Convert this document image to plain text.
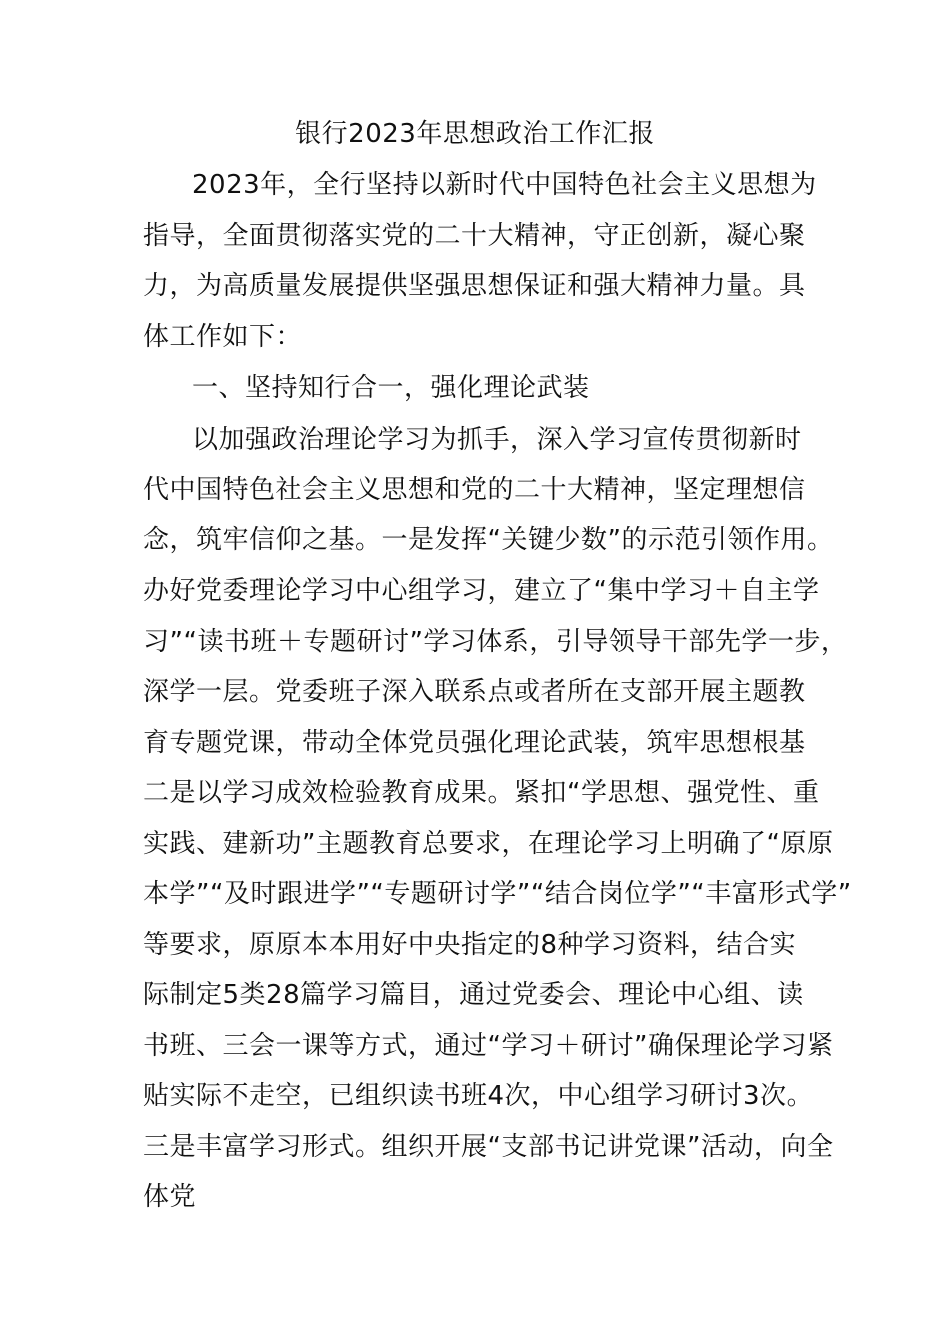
银行2023年思想政治工作汇报
2023年，全行坚持以新时代中国特色社会主义思想为
指导，全面贯彻落实党的二十大精神，守正创新，凝心聚
力，为高质量发展提供坚强思想保证和强大精神力量。具
体工作如下：
一、坚持知行合一，强化理论武装
以加强政治理论学习为抓手，深入学习宣传贯彻新时
代中国特色社会主义思想和党的二十大精神，坚定理想信
念，筑牢信仰之基。一是发挥“关键少数”的示范引领作用。
办好党委理论学习中心组学习，建立了“集中学习＋自主学
习”“读书班＋专题研讨”学习体系，引导领导干部先学一步，
深学一层。党委班子深入联系点或者所在支部开展主题教
育专题党课，带动全体党员强化理论武装，筑牢思想根基
二是以学习成效检验教育成果。紧扣“学思想、强党性、重
实践、建新功”主题教育总要求，在理论学习上明确了“原原
本学”“及时跟进学”“专题研讨学”“结合岗位学”“丰富形式学”
等要求，原原本本用好中央指定的8种学习资料，结合实
际制定5类28篇学习篇目，通过党委会、理论中心组、读
书班、三会一课等方式，通过“学习＋研讨”确保理论学习紧
贴实际不走空，已组织读书班4次，中心组学习研讨3次。
三是丰富学习形式。组织开展“支部书记讲党课”活动，向全
体党
